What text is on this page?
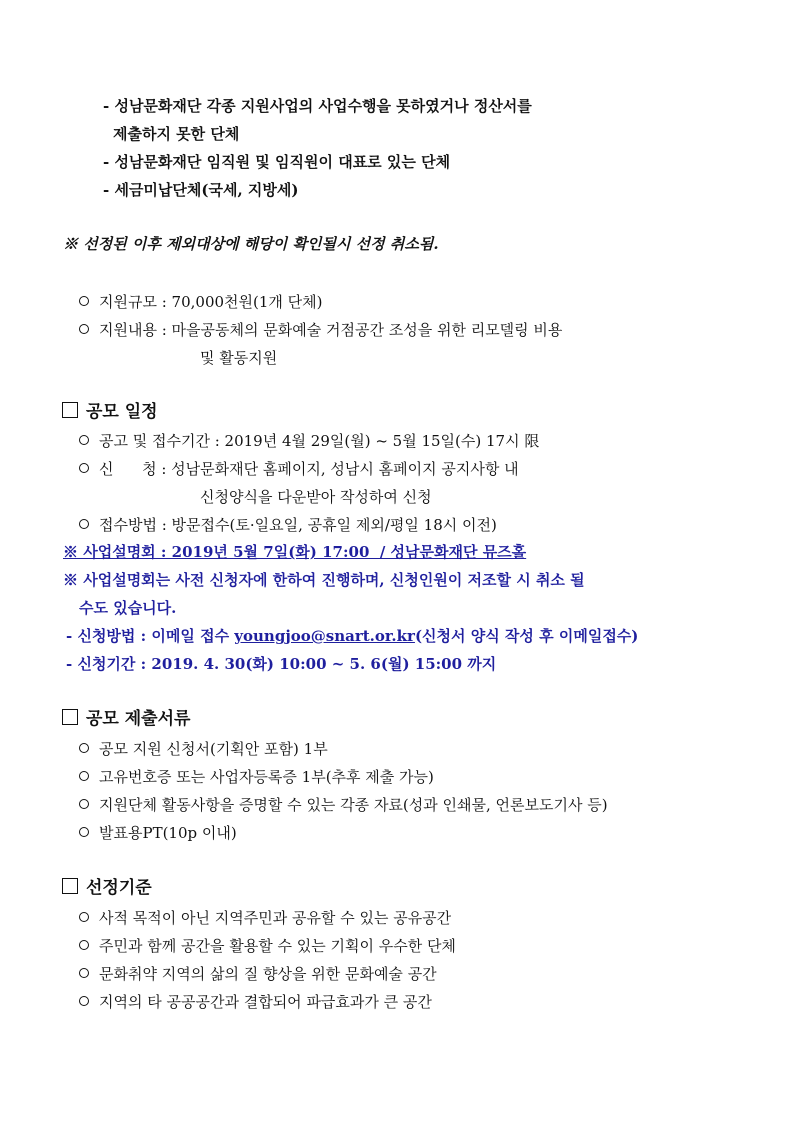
- 성남문화재단 각종 지원사업의 사업수행을 못하였거나 정산서를
제출하지 못한 단체
- 성남문화재단 임직원 및 임직원이 대표로 있는 단체
- 세금미납단체(국세, 지방세)
※ 선정된 이후 제외대상에 해당이 확인될시 선정 취소됨.
지원규모 : 70,000천원(1개 단체)
지원내용 : 마을공동체의 문화예술 거점공간 조성을 위한 리모델링 비용
및 활동지원
공모 일정
공고 및 접수기간 : 2019년 4월 29일(월) ~ 5월 15일(수) 17시 限
신      청 : 성남문화재단 홈페이지, 성남시 홈페이지 공지사항 내
신청양식을 다운받아 작성하여 신청
접수방법 : 방문접수(토·일요일, 공휴일 제외/평일 18시 이전)
※ 사업설명회 : 2019년 5월 7일(화) 17:00  / 성남문화재단 뮤즈홀
※ 사업설명회는 사전 신청자에 한하여 진행하며, 신청인원이 저조할 시 취소 될
수도 있습니다.
- 신청방법 : 이메일 접수 youngjoo@snart.or.kr(신청서 양식 작성 후 이메일접수)
- 신청기간 : 2019. 4. 30(화) 10:00 ~ 5. 6(월) 15:00 까지
공모 제출서류
공모 지원 신청서(기획안 포함) 1부
고유번호증 또는 사업자등록증 1부(추후 제출 가능)
지원단체 활동사항을 증명할 수 있는 각종 자료(성과 인쇄물, 언론보도기사 등)
발표용PT(10p 이내)
선정기준
사적 목적이 아닌 지역주민과 공유할 수 있는 공유공간
주민과 함께 공간을 활용할 수 있는 기획이 우수한 단체
문화취약 지역의 삶의 질 향상을 위한 문화예술 공간
지역의 타 공공공간과 결합되어 파급효과가 큰 공간
